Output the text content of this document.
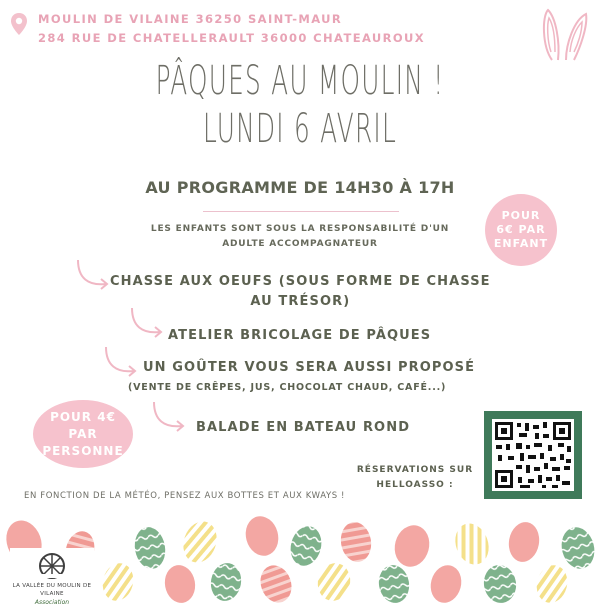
MOULIN DE VILAINE 36250 SAINT-MAUR
284 RUE DE CHATELLERAULT 36000 CHATEAUROUX
PÂQUES AU MOULIN !
LUNDI 6 AVRIL
AU PROGRAMME DE 14H30 À 17H
LES ENFANTS SONT SOUS LA RESPONSABILITÉ D'UN
ADULTE ACCOMPAGNATEUR
POUR
6€ PAR
ENFANT
CHASSE AUX OEUFS (SOUS FORME DE CHASSE
AU TRÉSOR)
ATELIER BRICOLAGE DE PÂQUES
UN GOÛTER VOUS SERA AUSSI PROPOSÉ
(VENTE DE CRÊPES, JUS, CHOCOLAT CHAUD, CAFÉ...)
BALADE EN BATEAU ROND
POUR 4€
PAR
PERSONNE
RÉSERVATIONS SUR
HELLOASSO :
EN FONCTION DE LA MÉTÉO, PENSEZ AUX BOTTES ET AUX KWAYS !
LA VALLÉE DU MOULIN DE VILAINE
Association
